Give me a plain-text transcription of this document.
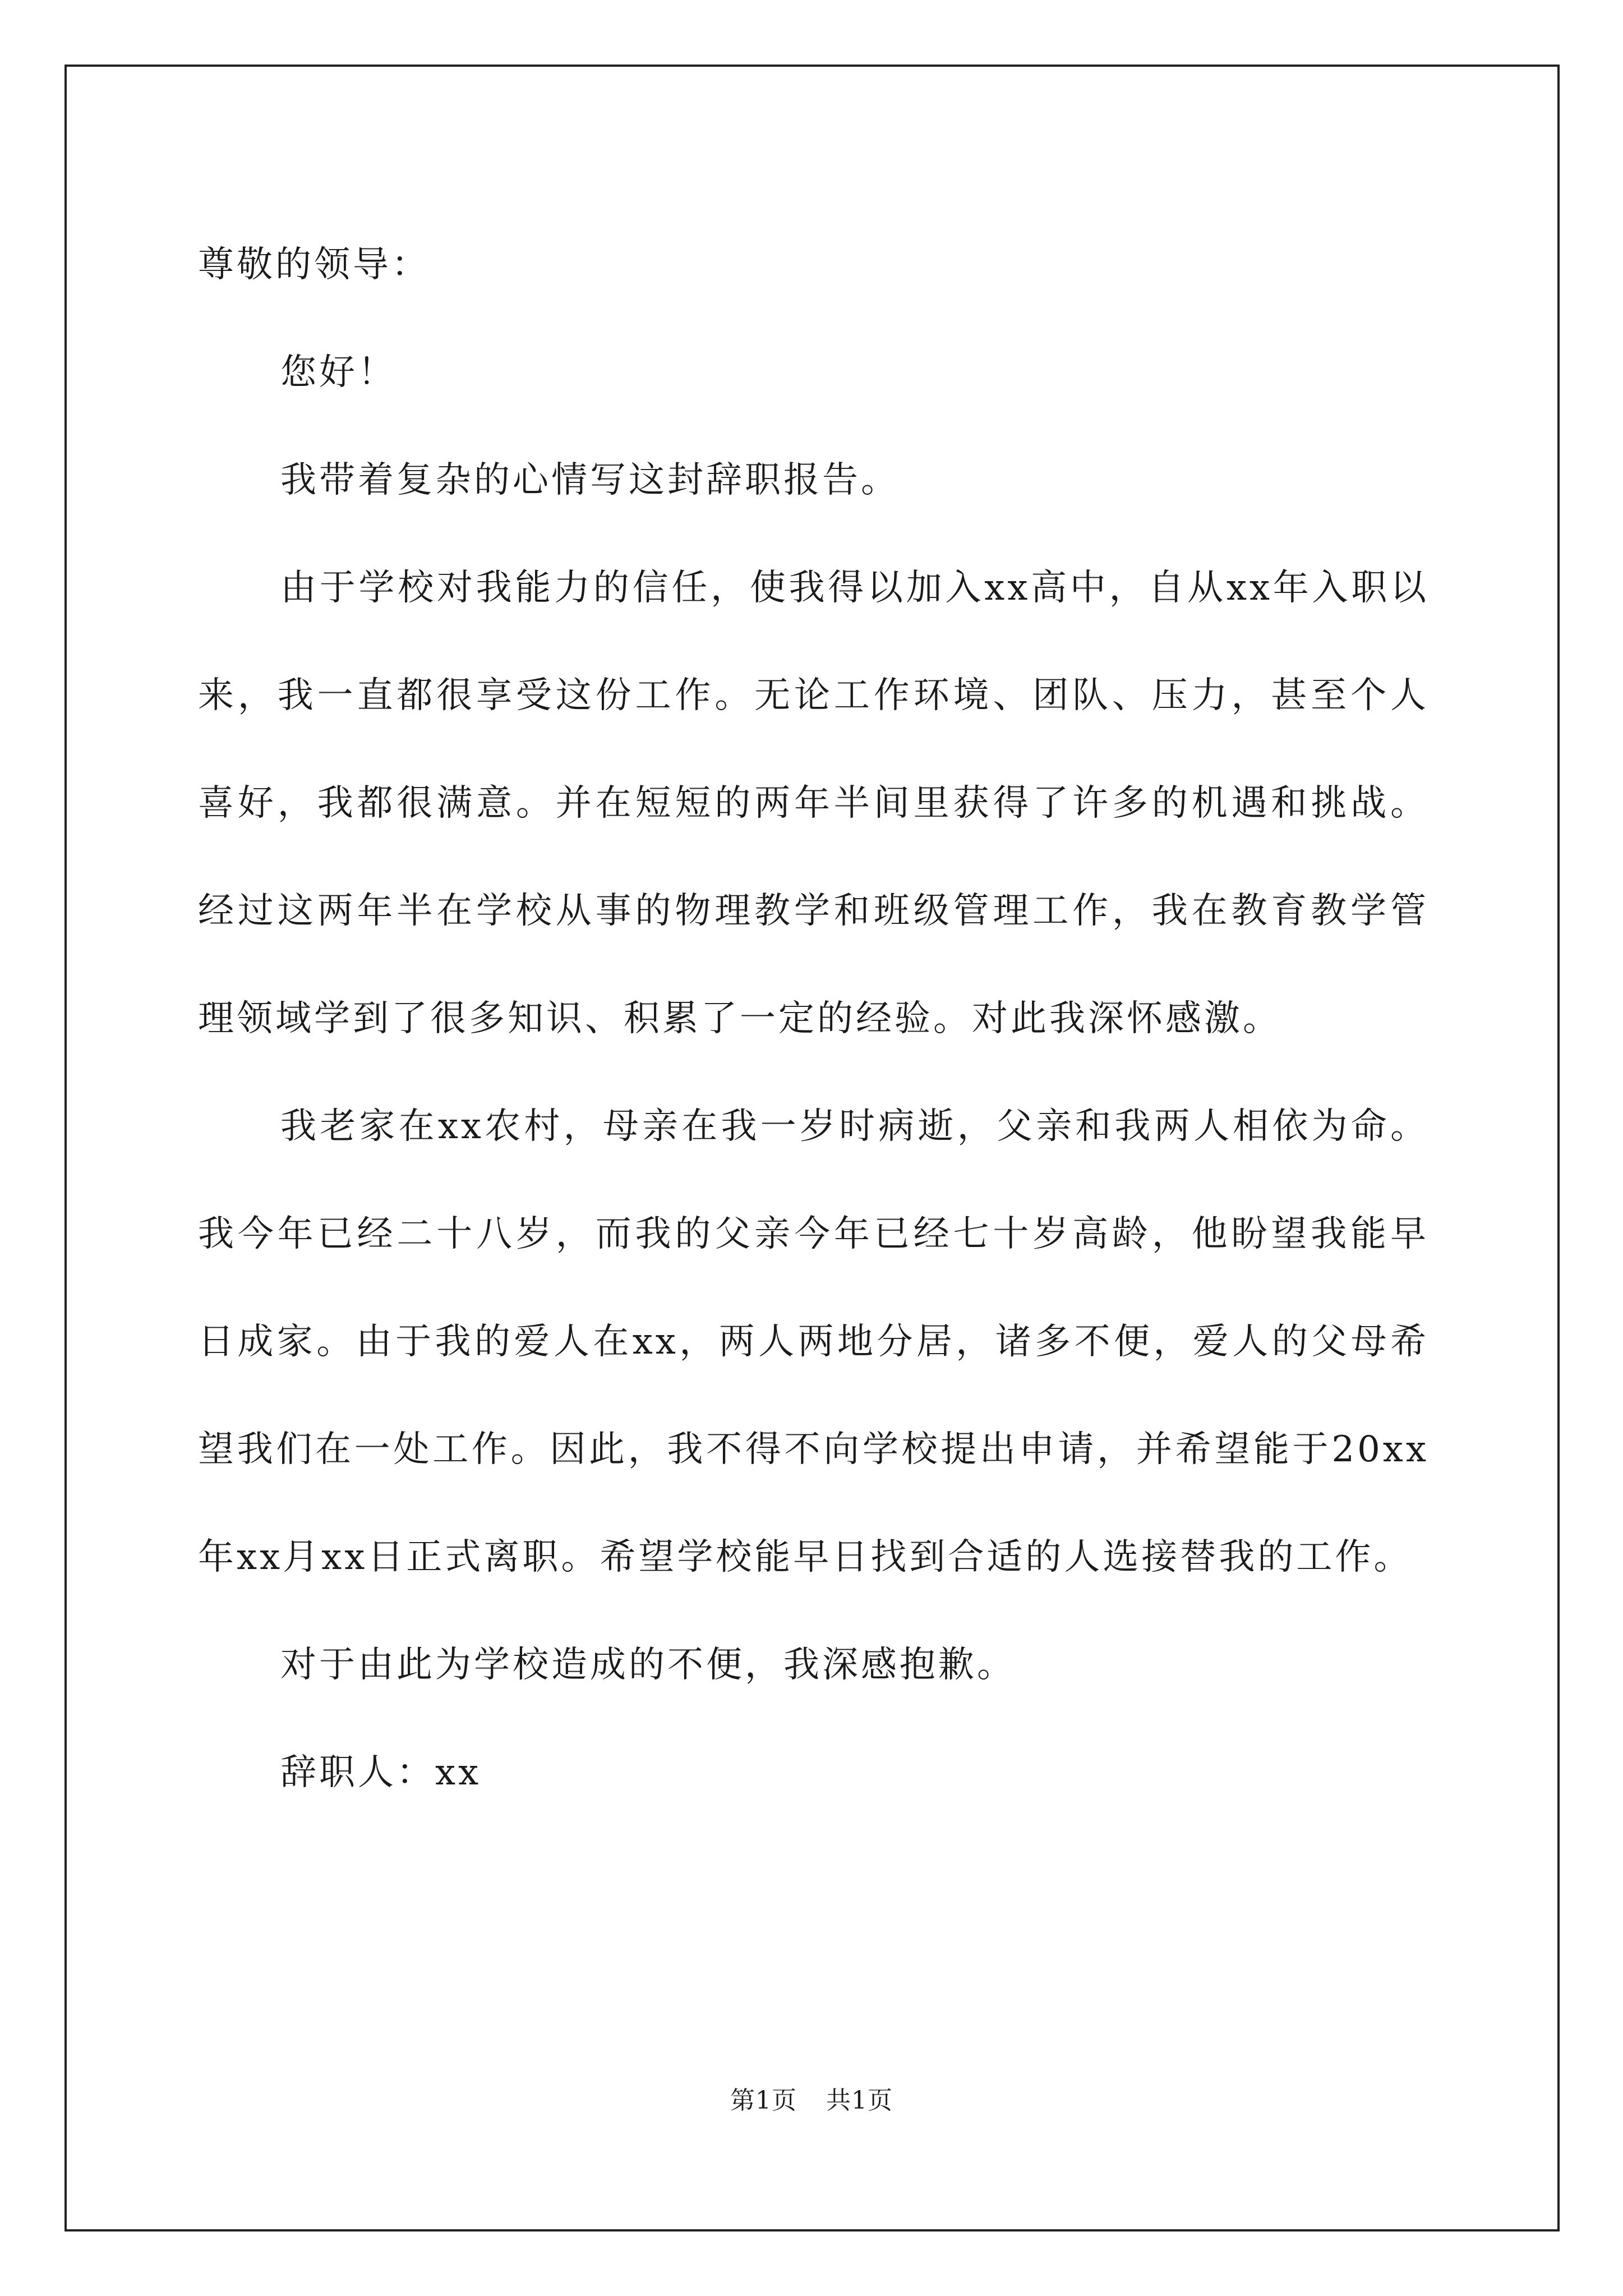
尊敬的领导：

您好！

我带着复杂的心情写这封辞职报告。

由于学校对我能力的信任，使我得以加入xx高中，自从xx年入职以来，我一直都很享受这份工作。无论工作环境、团队、压力，甚至个人喜好，我都很满意。并在短短的两年半间里获得了许多的机遇和挑战。经过这两年半在学校从事的物理教学和班级管理工作，我在教育教学管理领域学到了很多知识、积累了一定的经验。对此我深怀感激。

我老家在xx农村，母亲在我一岁时病逝，父亲和我两人相依为命。我今年已经二十八岁，而我的父亲今年已经七十岁高龄，他盼望我能早日成家。由于我的爱人在xx，两人两地分居，诸多不便，爱人的父母希望我们在一处工作。因此，我不得不向学校提出申请，并希望能于20xx年xx月xx日正式离职。希望学校能早日找到合适的人选接替我的工作。

对于由此为学校造成的不便，我深感抱歉。

辞职人：xx

第1页 共1页
